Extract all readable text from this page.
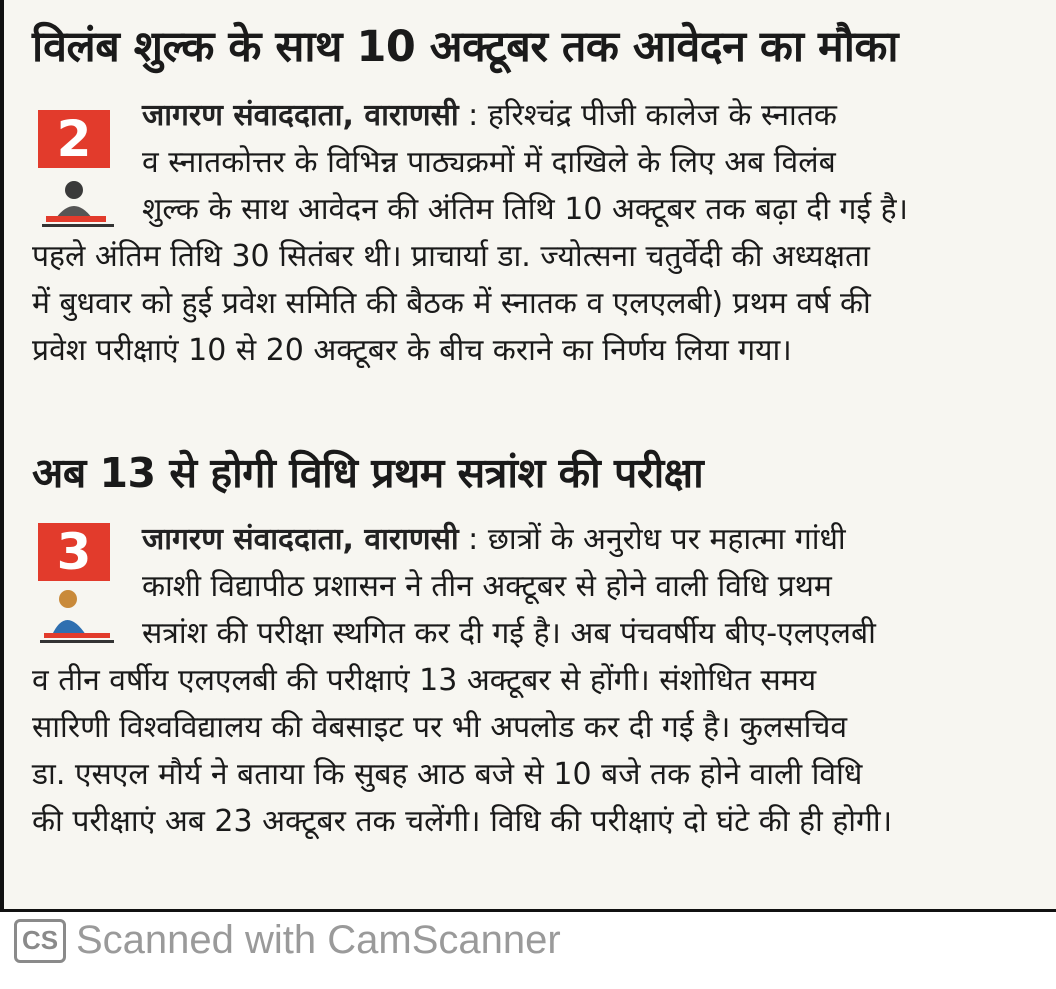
विलंब शुल्क के साथ 10 अक्टूबर तक आवेदन का मौका
2	जागरण संवाददाता, वाराणसी : हरिश्चंद्र पीजी कालेज के स्नातक

व स्नातकोत्तर के विभिन्न पाठ्यक्रमों में दाखिले के लिए अब विलंब

शुल्क के साथ आवेदन की अंतिम तिथि 10 अक्टूबर तक बढ़ा दी गई है।

पहले अंतिम तिथि 30 सितंबर थी। प्राचार्या डा. ज्योत्सना चतुर्वेदी की अध्यक्षता

में बुधवार को हुई प्रवेश समिति की बैठक में स्नातक व एलएलबी) प्रथम वर्ष की

प्रवेश परीक्षाएं 10 से 20 अक्टूबर के बीच कराने का निर्णय लिया गया।

अब 13 से होगी विधि प्रथम सत्रांश की परीक्षा
3	जागरण संवाददाता, वाराणसी : छात्रों के अनुरोध पर महात्मा गांधी

काशी विद्यापीठ प्रशासन ने तीन अक्टूबर से होने वाली विधि प्रथम

सत्रांश की परीक्षा स्थगित कर दी गई है। अब पंचवर्षीय बीए-एलएलबी

व तीन वर्षीय एलएलबी की परीक्षाएं 13 अक्टूबर से होंगी। संशोधित समय

सारिणी विश्वविद्यालय की वेबसाइट पर भी अपलोड कर दी गई है। कुलसचिव

डा. एसएल मौर्य ने बताया कि सुबह आठ बजे से 10 बजे तक होने वाली विधि

की परीक्षाएं अब 23 अक्टूबर तक चलेंगी। विधि की परीक्षाएं दो घंटे की ही होगी।

CS Scanned with CamScanner
